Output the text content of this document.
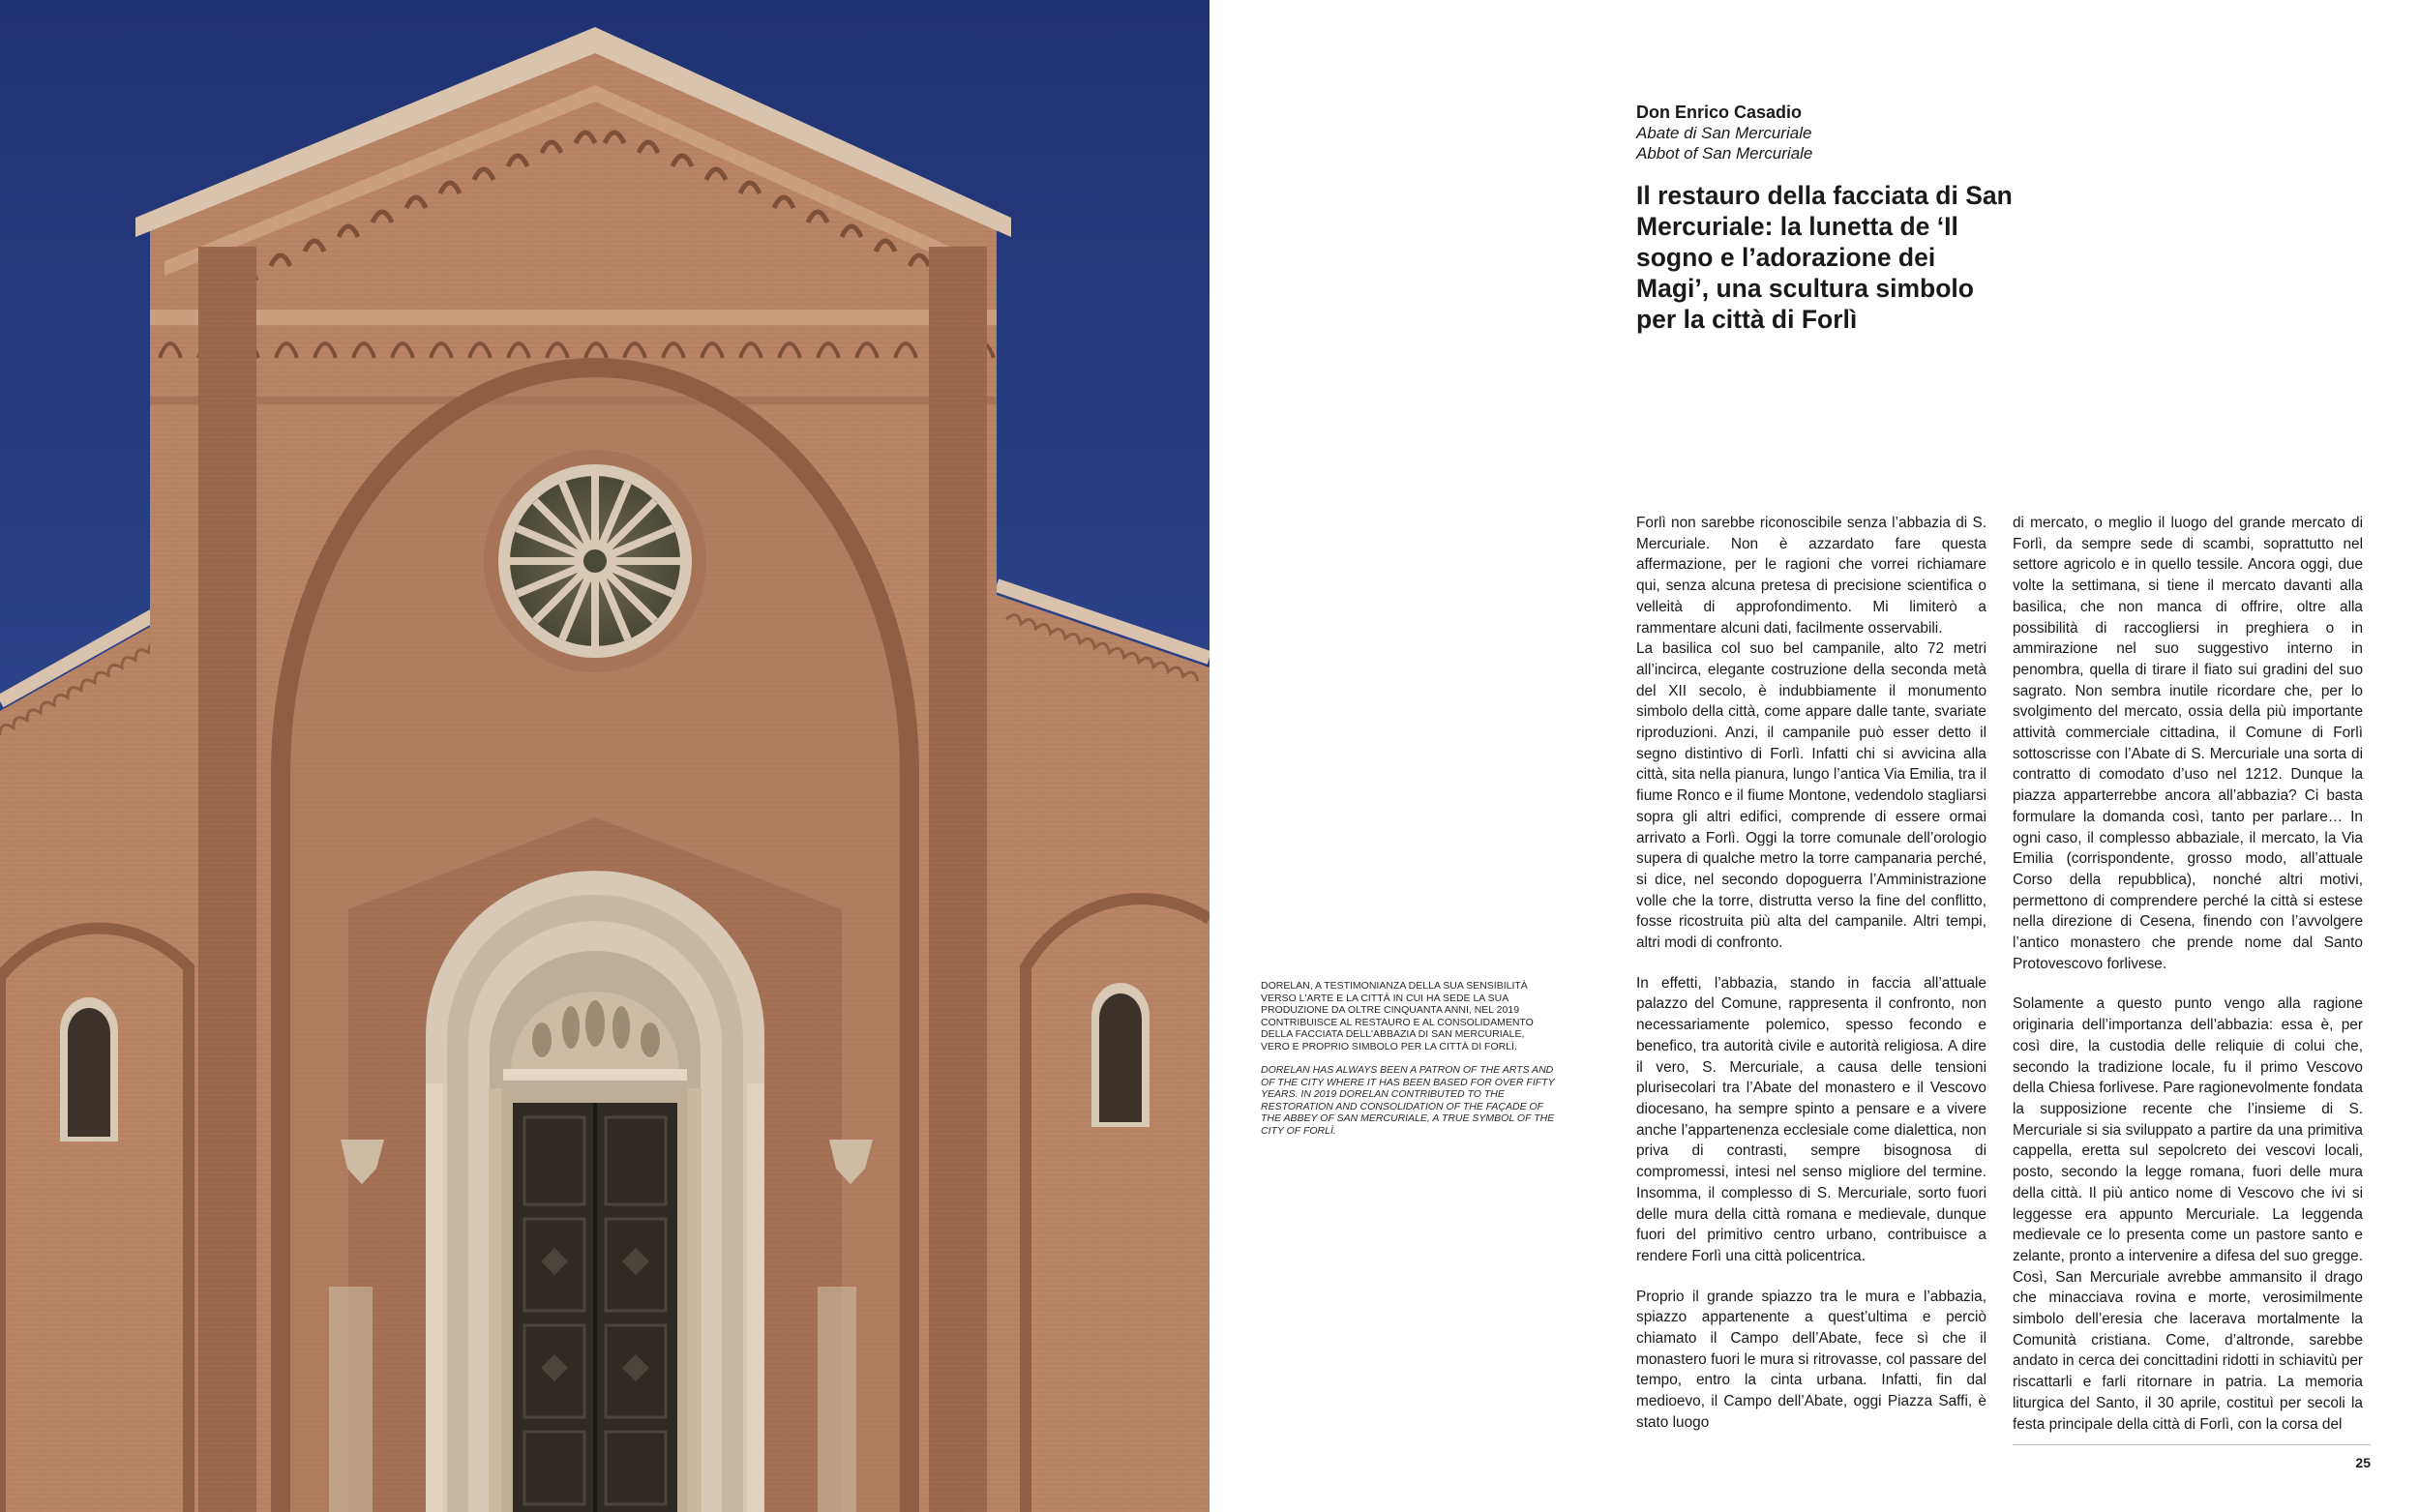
DORELAN, A TESTIMONIANZA DELLA SUA SENSIBILITÀ VERSO L'ARTE E LA CITTÀ IN CUI HA SEDE LA SUA PRODUZIONE DA OLTRE CINQUANTA ANNI, NEL 2019 CONTRIBUISCE AL RESTAURO E AL CONSOLIDAMENTO DELLA FACCIATA DELL'ABBAZIA DI SAN MERCURIALE, VERO E PROPRIO SIMBOLO PER LA CITTÀ DI FORLÌ.

DORELAN HAS ALWAYS BEEN A PATRON OF THE ARTS AND OF THE CITY WHERE IT HAS BEEN BASED FOR OVER FIFTY YEARS. IN 2019 DORELAN CONTRIBUTED TO THE RESTORATION AND CONSOLIDATION OF THE FAÇADE OF THE ABBEY OF SAN MERCURIALE, A TRUE SYMBOL OF THE CITY OF FORLÌ.

Don Enrico Casadio
Abate di San Mercuriale
Abbot of San Mercuriale
Il restauro della facciata di San Mercuriale: la lunetta de ‘Il sogno e l’adorazione dei Magi’, una scultura simbolo per la città di Forlì

Forlì non sarebbe riconoscibile senza l’abbazia di S. Mercuriale. Non è azzardato fare questa affermazione, per le ragioni che vorrei richiamare qui, senza alcuna pretesa di precisione scientifica o velleità di approfondimento. Mi limiterò a rammentare alcuni dati, facilmente osservabili.

La basilica col suo bel campanile, alto 72 metri all’incirca, elegante costruzione della seconda metà del XII secolo, è indubbiamente il monumento simbolo della città, come appare dalle tante, svariate riproduzioni. Anzi, il campanile può esser detto il segno distintivo di Forlì. Infatti chi si avvicina alla città, sita nella pianura, lungo l’antica Via Emilia, tra il fiume Ronco e il fiume Montone, vedendolo stagliarsi sopra gli altri edifici, comprende di essere ormai arrivato a Forlì. Oggi la torre comunale dell’orologio supera di qualche metro la torre campanaria perché, si dice, nel secondo dopoguerra l’Amministrazione volle che la torre, distrutta verso la fine del conflitto, fosse ricostruita più alta del campanile. Altri tempi, altri modi di confronto.

In effetti, l’abbazia, stando in faccia all’attuale palazzo del Comune, rappresenta il confronto, non necessariamente polemico, spesso fecondo e benefico, tra autorità civile e autorità religiosa. A dire il vero, S. Mercuriale, a causa delle tensioni plurisecolari tra l’Abate del monastero e il Vescovo diocesano, ha sempre spinto a pensare e a vivere anche l’appartenenza ecclesiale come dialettica, non priva di contrasti, sempre bisognosa di compromessi, intesi nel senso migliore del termine. Insomma, il complesso di S. Mercuriale, sorto fuori delle mura della città romana e medievale, dunque fuori del primitivo centro urbano, contribuisce a rendere Forlì una città policentrica.

Proprio il grande spiazzo tra le mura e l’abbazia, spiazzo appartenente a quest’ultima e perciò chiamato il Campo dell’Abate, fece sì che il monastero fuori le mura si ritrovasse, col passare del tempo, entro la cinta urbana. Infatti, fin dal medioevo, il Campo dell’Abate, oggi Piazza Saffi, è stato luogo

di mercato, o meglio il luogo del grande mercato di Forlì, da sempre sede di scambi, soprattutto nel settore agricolo e in quello tessile. Ancora oggi, due volte la settimana, si tiene il mercato davanti alla basilica, che non manca di offrire, oltre alla possibilità di raccogliersi in preghiera o in ammirazione nel suo suggestivo interno in penombra, quella di tirare il fiato sui gradini del suo sagrato. Non sembra inutile ricordare che, per lo svolgimento del mercato, ossia della più importante attività commerciale cittadina, il Comune di Forlì sottoscrisse con l’Abate di S. Mercuriale una sorta di contratto di comodato d’uso nel 1212. Dunque la piazza apparterrebbe ancora all’abbazia? Ci basta formulare la domanda così, tanto per parlare… In ogni caso, il complesso abbaziale, il mercato, la Via Emilia (corrispondente, grosso modo, all’attuale Corso della repubblica), nonché altri motivi, permettono di comprendere perché la città si estese nella direzione di Cesena, finendo con l’avvolgere l’antico monastero che prende nome dal Santo Protovescovo forlivese.

Solamente a questo punto vengo alla ragione originaria dell’importanza dell’abbazia: essa è, per così dire, la custodia delle reliquie di colui che, secondo la tradizione locale, fu il primo Vescovo della Chiesa forlivese. Pare ragionevolmente fondata la supposizione recente che l’insieme di S. Mercuriale si sia sviluppato a partire da una primitiva cappella, eretta sul sepolcreto dei vescovi locali, posto, secondo la legge romana, fuori delle mura della città. Il più antico nome di Vescovo che ivi si leggesse era appunto Mercuriale. La leggenda medievale ce lo presenta come un pastore santo e zelante, pronto a intervenire a difesa del suo gregge. Così, San Mercuriale avrebbe ammansito il drago che minacciava rovina e morte, verosimilmente simbolo dell’eresia che lacerava mortalmente la Comunità cristiana. Come, d’altronde, sarebbe andato in cerca dei concittadini ridotti in schiavitù per riscattarli e farli ritornare in patria. La memoria liturgica del Santo, il 30 aprile, costituì per secoli la festa principale della città di Forlì, con la corsa del

25
